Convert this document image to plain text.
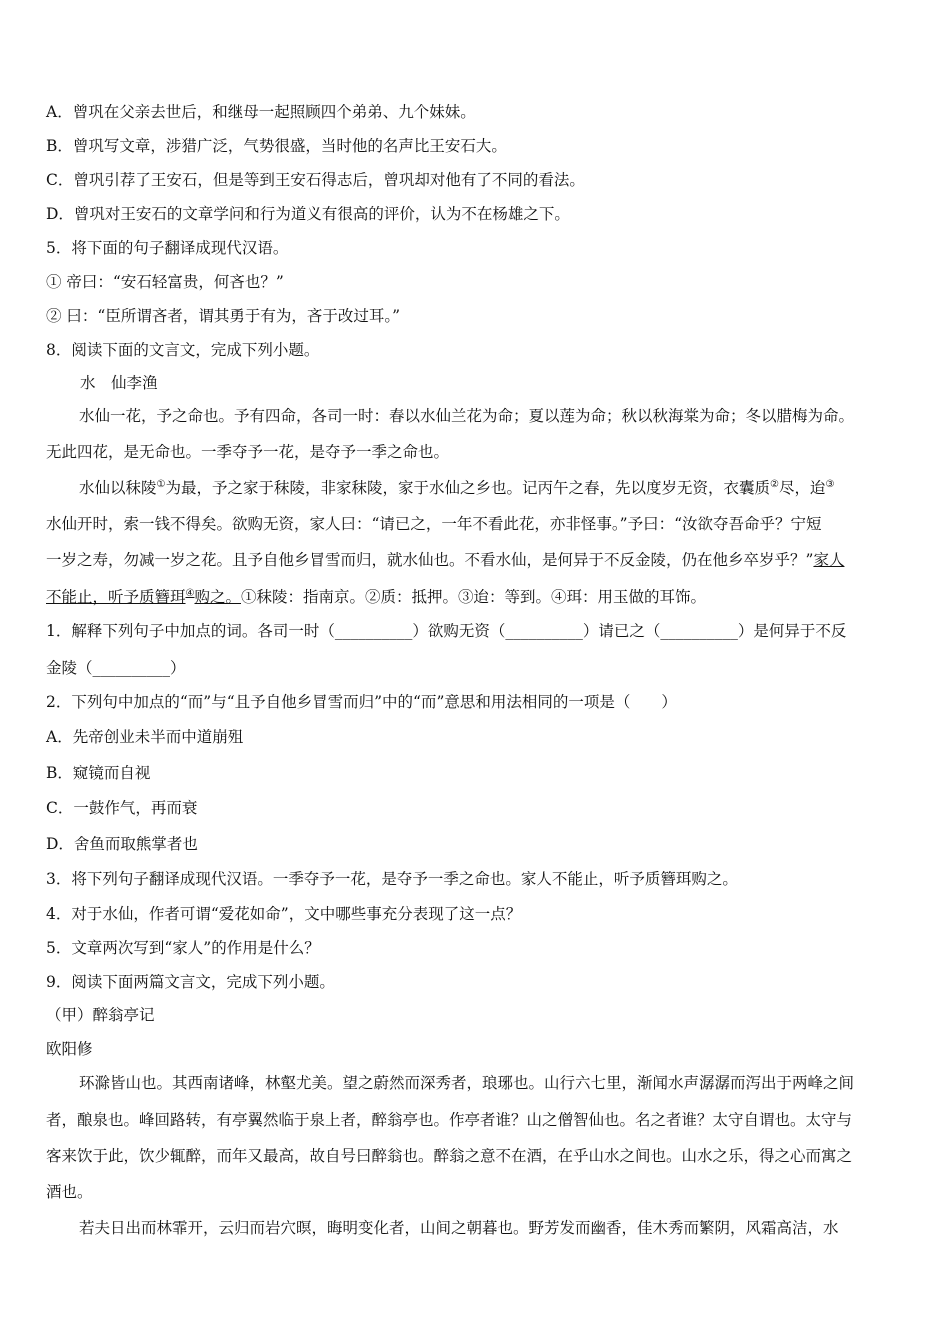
A．曾巩在父亲去世后，和继母一起照顾四个弟弟、九个妹妹。
B．曾巩写文章，涉猎广泛，气势很盛，当时他的名声比王安石大。
C．曾巩引荐了王安石，但是等到王安石得志后，曾巩却对他有了不同的看法。
D．曾巩对王安石的文章学问和行为道义有很高的评价，认为不在杨雄之下。
5．将下面的句子翻译成现代汉语。
① 帝曰：“安石轻富贵，何吝也？”
② 曰：“臣所谓吝者，谓其勇于有为，吝于改过耳。”
8．阅读下面的文言文，完成下列小题。
水　仙李渔
水仙一花，予之命也。予有四命，各司一时：春以水仙兰花为命；夏以莲为命；秋以秋海棠为命；冬以腊梅为命。
无此四花，是无命也。一季夺予一花，是夺予一季之命也。
水仙以秣陵①为最，予之家于秣陵，非家秣陵，家于水仙之乡也。记丙午之春，先以度岁无资，衣囊质②尽，迨③
水仙开时，索一钱不得矣。欲购无资，家人曰：“请已之，一年不看此花，亦非怪事。”予曰：“汝欲夺吾命乎？宁短
一岁之寿，勿减一岁之花。且予自他乡冒雪而归，就水仙也。不看水仙，是何异于不反金陵，仍在他乡卒岁乎？”家人
不能止，听予质簪珥④购之。①秣陵：指南京。②质：抵押。③迨：等到。④珥：用玉做的耳饰。
1．解释下列句子中加点的词。各司一时（__________）欲购无资（__________）请已之（__________）是何异于不反
金陵（__________）
2．下列句中加点的“而”与“且予自他乡冒雪而归”中的“而”意思和用法相同的一项是（　　）
A．先帝创业未半而中道崩殂
B．窥镜而自视
C．一鼓作气，再而衰
D．舍鱼而取熊掌者也
3．将下列句子翻译成现代汉语。一季夺予一花，是夺予一季之命也。家人不能止，听予质簪珥购之。
4．对于水仙，作者可谓“爱花如命”，文中哪些事充分表现了这一点？
5．文章两次写到“家人”的作用是什么？
9．阅读下面两篇文言文，完成下列小题。
（甲）醉翁亭记
欧阳修
环滁皆山也。其西南诸峰，林壑尤美。望之蔚然而深秀者，琅琊也。山行六七里，渐闻水声潺潺而泻出于两峰之间
者，酿泉也。峰回路转，有亭翼然临于泉上者，醉翁亭也。作亭者谁？山之僧智仙也。名之者谁？太守自谓也。太守与
客来饮于此，饮少辄醉，而年又最高，故自号曰醉翁也。醉翁之意不在酒，在乎山水之间也。山水之乐，得之心而寓之
酒也。
若夫日出而林霏开，云归而岩穴暝，晦明变化者，山间之朝暮也。野芳发而幽香，佳木秀而繁阴，风霜高洁，水
